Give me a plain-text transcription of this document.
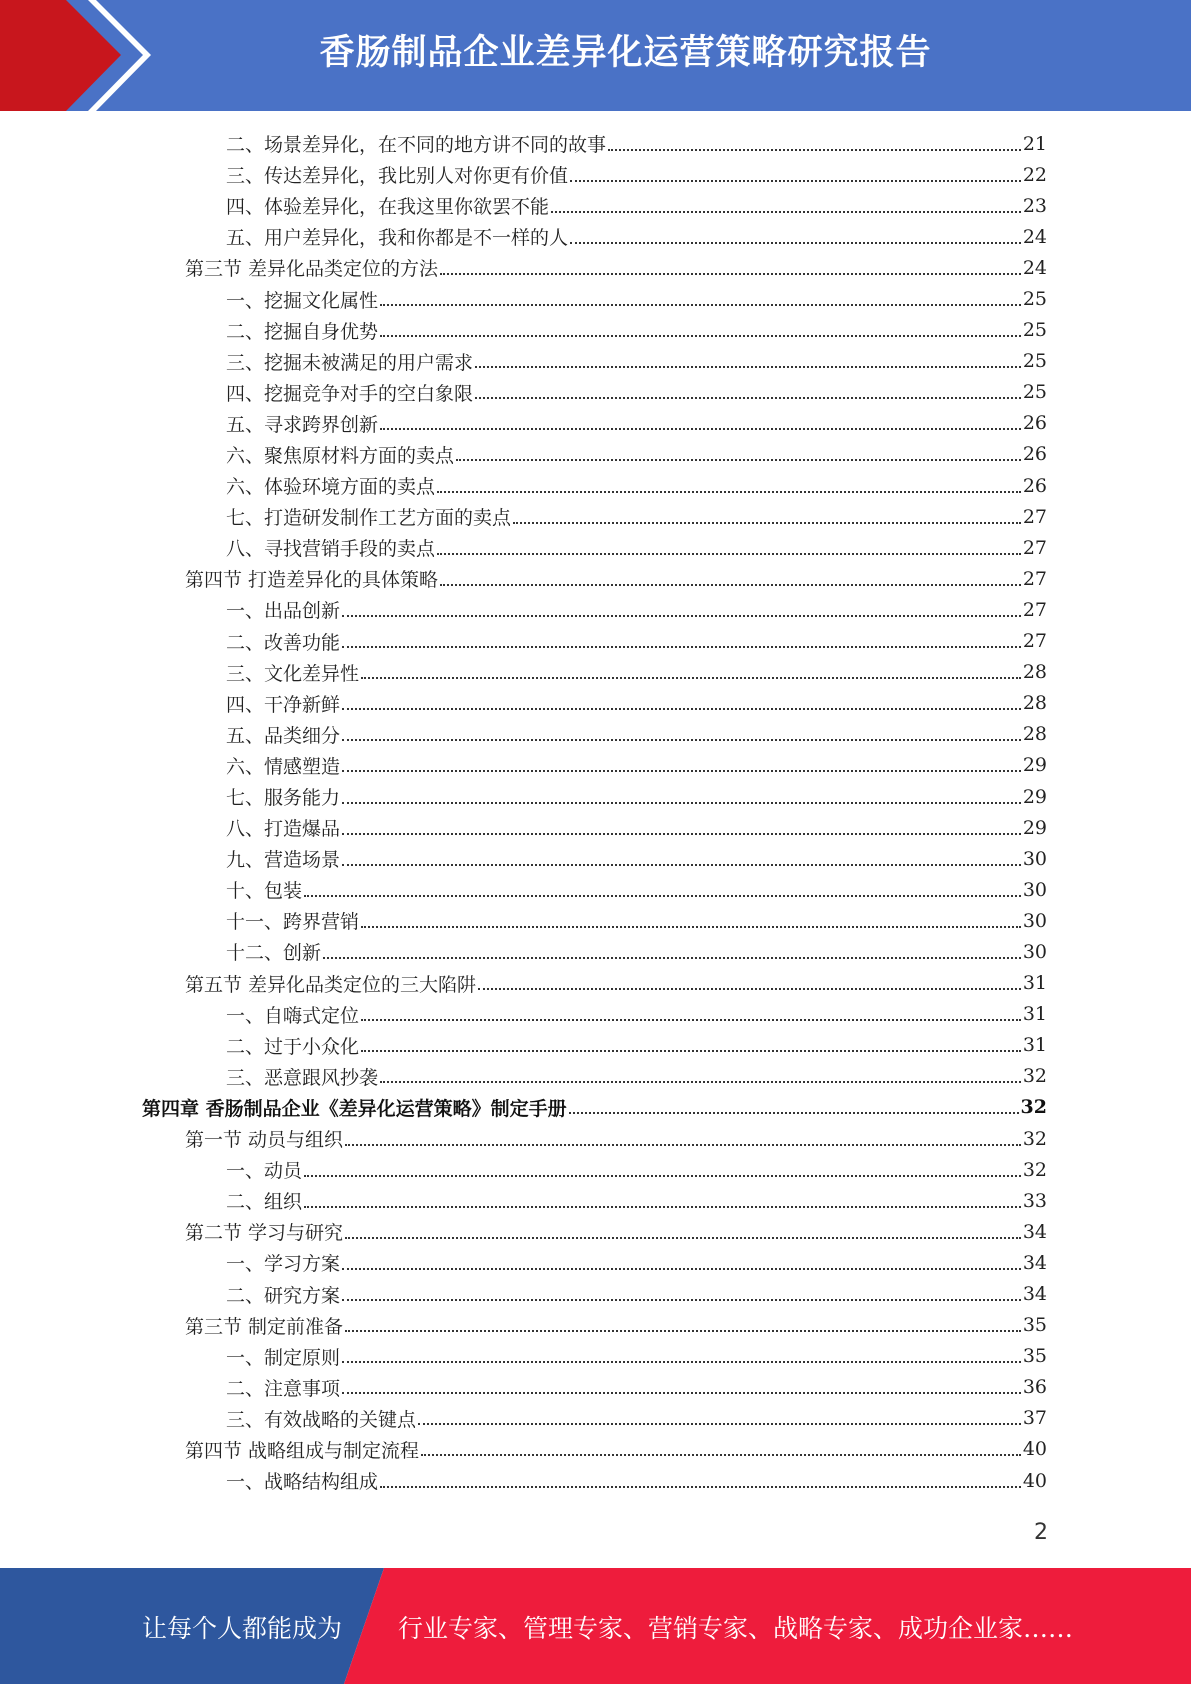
香肠制品企业差异化运营策略研究报告
二、场景差异化，在不同的地方讲不同的故事	21
三、传达差异化，我比别人对你更有价值	22
四、体验差异化，在我这里你欲罢不能	23
五、用户差异化，我和你都是不一样的人	24
第三节 差异化品类定位的方法	24
一、挖掘文化属性	25
二、挖掘自身优势	25
三、挖掘未被满足的用户需求	25
四、挖掘竞争对手的空白象限	25
五、寻求跨界创新	26
六、聚焦原材料方面的卖点	26
六、体验环境方面的卖点	26
七、打造研发制作工艺方面的卖点	27
八、寻找营销手段的卖点	27
第四节 打造差异化的具体策略	27
一、出品创新	27
二、改善功能	27
三、文化差异性	28
四、干净新鲜	28
五、品类细分	28
六、情感塑造	29
七、服务能力	29
八、打造爆品	29
九、营造场景	30
十、包装	30
十一、跨界营销	30
十二、创新	30
第五节 差异化品类定位的三大陷阱	31
一、自嗨式定位	31
二、过于小众化	31
三、恶意跟风抄袭	32
第四章 香肠制品企业《差异化运营策略》制定手册	32
第一节 动员与组织	32
一、动员	32
二、组织	33
第二节 学习与研究	34
一、学习方案	34
二、研究方案	34
第三节 制定前准备	35
一、制定原则	35
二、注意事项	36
三、有效战略的关键点	37
第四节 战略组成与制定流程	40
一、战略结构组成	40
2
让每个人都能成为 行业专家、管理专家、营销专家、战略专家、成功企业家……
